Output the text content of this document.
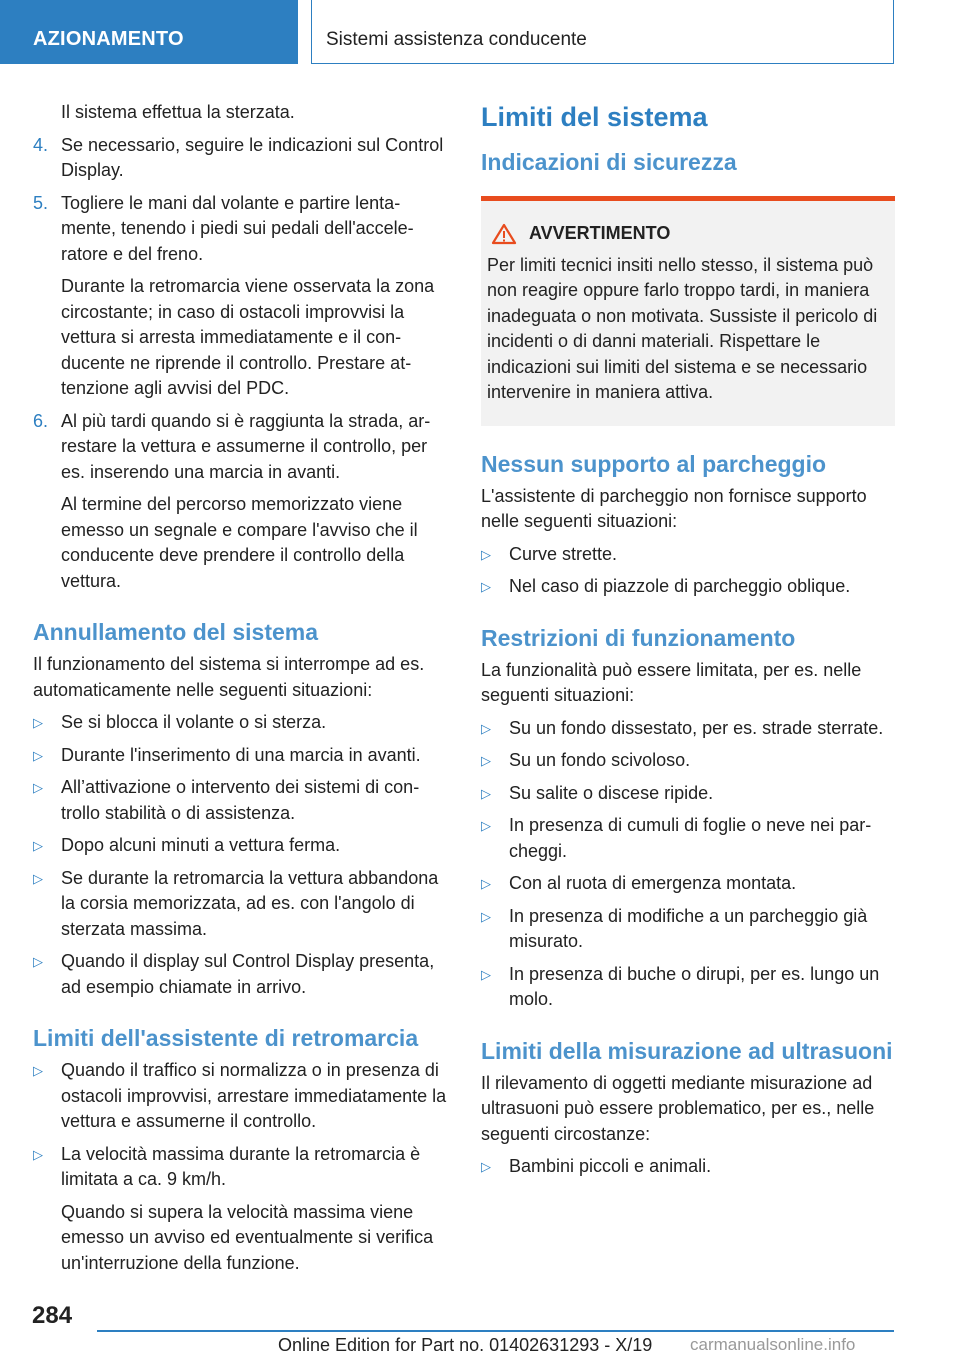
AZIONAMENTO	Sistemi assistenza conducente

Il sistema effettua la sterzata.

4. Se necessario, seguire le indicazioni sul Control Display.

5. Togliere le mani dal volante e partire lentamente, tenendo i piedi sui pedali dell'acceleratore e del freno.

Durante la retromarcia viene osservata la zona circostante; in caso di ostacoli improvvisi la vettura si arresta immediatamente e il conducente ne riprende il controllo. Prestare attenzione agli avvisi del PDC.

6. Al più tardi quando si è raggiunta la strada, arrestare la vettura e assumerne il controllo, per es. inserendo una marcia in avanti.

Al termine del percorso memorizzato viene emesso un segnale e compare l'avviso che il conducente deve prendere il controllo della vettura.

Annullamento del sistema

Il funzionamento del sistema si interrompe ad es. automaticamente nelle seguenti situazioni:

▷ Se si blocca il volante o si sterza.

▷ Durante l'inserimento di una marcia in avanti.

▷ All’attivazione o intervento dei sistemi di controllo stabilità o di assistenza.

▷ Dopo alcuni minuti a vettura ferma.

▷ Se durante la retromarcia la vettura abbandona la corsia memorizzata, ad es. con l'angolo di sterzata massima.

▷ Quando il display sul Control Display presenta, ad esempio chiamate in arrivo.

Limiti dell'assistente di retromarcia
▷ Quando il traffico si normalizza o in presenza di ostacoli improvvisi, arrestare immediatamente la vettura e assumerne il controllo.

▷ La velocità massima durante la retromarcia è limitata a ca. 9 km/h.

Quando si supera la velocità massima viene emesso un avviso ed eventualmente si verifica un'interruzione della funzione.

Limiti del sistema
Indicazioni di sicurezza
AVVERTIMENTO

Per limiti tecnici insiti nello stesso, il sistema può non reagire oppure farlo troppo tardi, in maniera inadeguata o non motivata. Sussiste il pericolo di incidenti o di danni materiali. Rispettare le indicazioni sui limiti del sistema e se necessario intervenire in maniera attiva.

Nessun supporto al parcheggio

L'assistente di parcheggio non fornisce supporto nelle seguenti situazioni:

▷ Curve strette.

▷ Nel caso di piazzole di parcheggio oblique.

Restrizioni di funzionamento

La funzionalità può essere limitata, per es. nelle seguenti situazioni:

▷ Su un fondo dissestato, per es. strade sterrate.

▷ Su un fondo scivoloso.

▷ Su salite o discese ripide.

▷ In presenza di cumuli di foglie o neve nei parcheggi.

▷ Con al ruota di emergenza montata.

▷ In presenza di modifiche a un parcheggio già misurato.

▷ In presenza di buche o dirupi, per es. lungo un molo.

Limiti della misurazione ad ultrasuoni

Il rilevamento di oggetti mediante misurazione ad ultrasuoni può essere problematico, per es., nelle seguenti circostanze:

▷ Bambini piccoli e animali.

284
Online Edition for Part no. 01402631293 - X/19 carmanualsonline.info
